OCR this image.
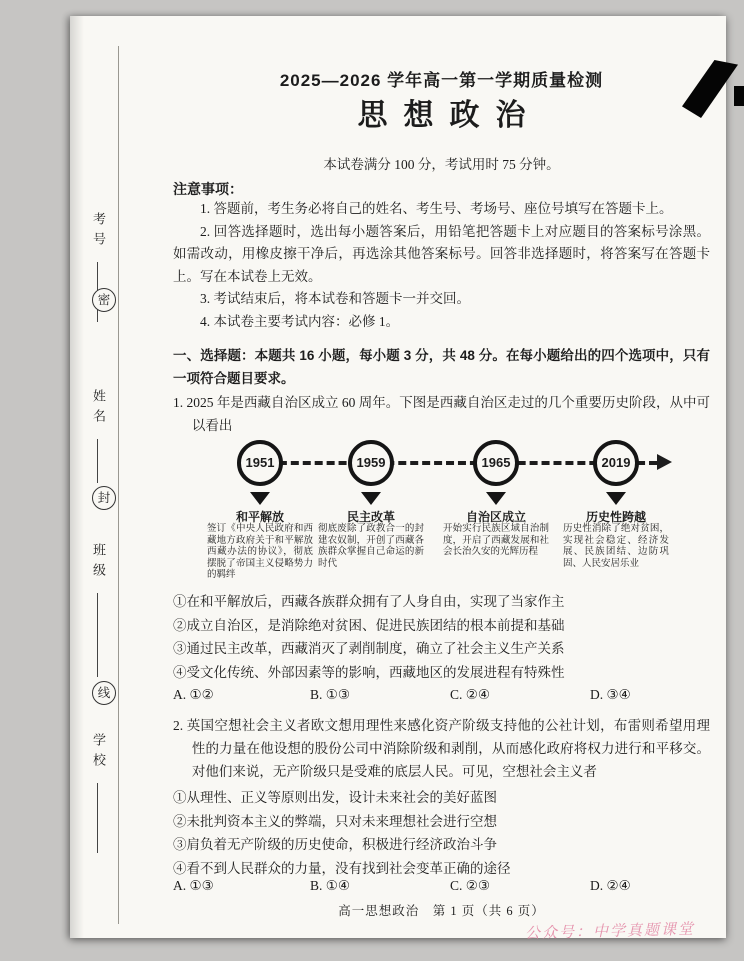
考号
密
姓名
封
班级
线
学校
2025—2026 学年高一第一学期质量检测
思想政治

本试卷满分 100 分，考试用时 75 分钟。

注意事项：

1. 答题前，考生务必将自己的姓名、考生号、考场号、座位号填写在答题卡上。

2. 回答选择题时，选出每小题答案后，用铅笔把答题卡上对应题目的答案标号涂黑。如需改动，用橡皮擦干净后，再选涂其他答案标号。回答非选择题时，将答案写在答题卡上。写在本试卷上无效。

3. 考试结束后，将本试卷和答题卡一并交回。

4. 本试卷主要考试内容：必修 1。

一、选择题：本题共 16 小题，每小题 3 分，共 48 分。在每小题给出的四个选项中，只有一项符合题目要求。

1. 2025 年是西藏自治区成立 60 周年。下图是西藏自治区走过的几个重要历史阶段，从中可以看出

1951	1959	1965	2019
和平解放	民主改革	自治区成立	历史性跨越
签订《中央人民政府和西藏地方政府关于和平解放西藏办法的协议》，彻底摆脱了帝国主义侵略势力的羁绊
彻底废除了政教合一的封建农奴制，开创了西藏各族群众掌握自己命运的新时代
开始实行民族区域自治制度，开启了西藏发展和社会长治久安的光辉历程
历史性消除了绝对贫困，实现社会稳定、经济发展、民族团结、边防巩固、人民安居乐业

①在和平解放后，西藏各族群众拥有了人身自由，实现了当家作主

②成立自治区，是消除绝对贫困、促进民族团结的根本前提和基础

③通过民主改革，西藏消灭了剥削制度，确立了社会主义生产关系

④受文化传统、外部因素等的影响，西藏地区的发展进程有特殊性

A. ①②	B. ①③	C. ②④	D. ③④

2. 英国空想社会主义者欧文想用理性来感化资产阶级支持他的公社计划，布雷则希望用理性的力量在他设想的股份公司中消除阶级和剥削，从而感化政府将权力进行和平移交。对他们来说，无产阶级只是受难的底层人民。可见，空想社会主义者

①从理性、正义等原则出发，设计未来社会的美好蓝图

②未批判资本主义的弊端，只对未来理想社会进行空想

③肩负着无产阶级的历史使命，积极进行经济政治斗争

④看不到人民群众的力量，没有找到社会变革正确的途径

A. ①③	B. ①④	C. ②③	D. ②④

高一思想政治　第 1 页（共 6 页）

公众号：中学真题课堂
